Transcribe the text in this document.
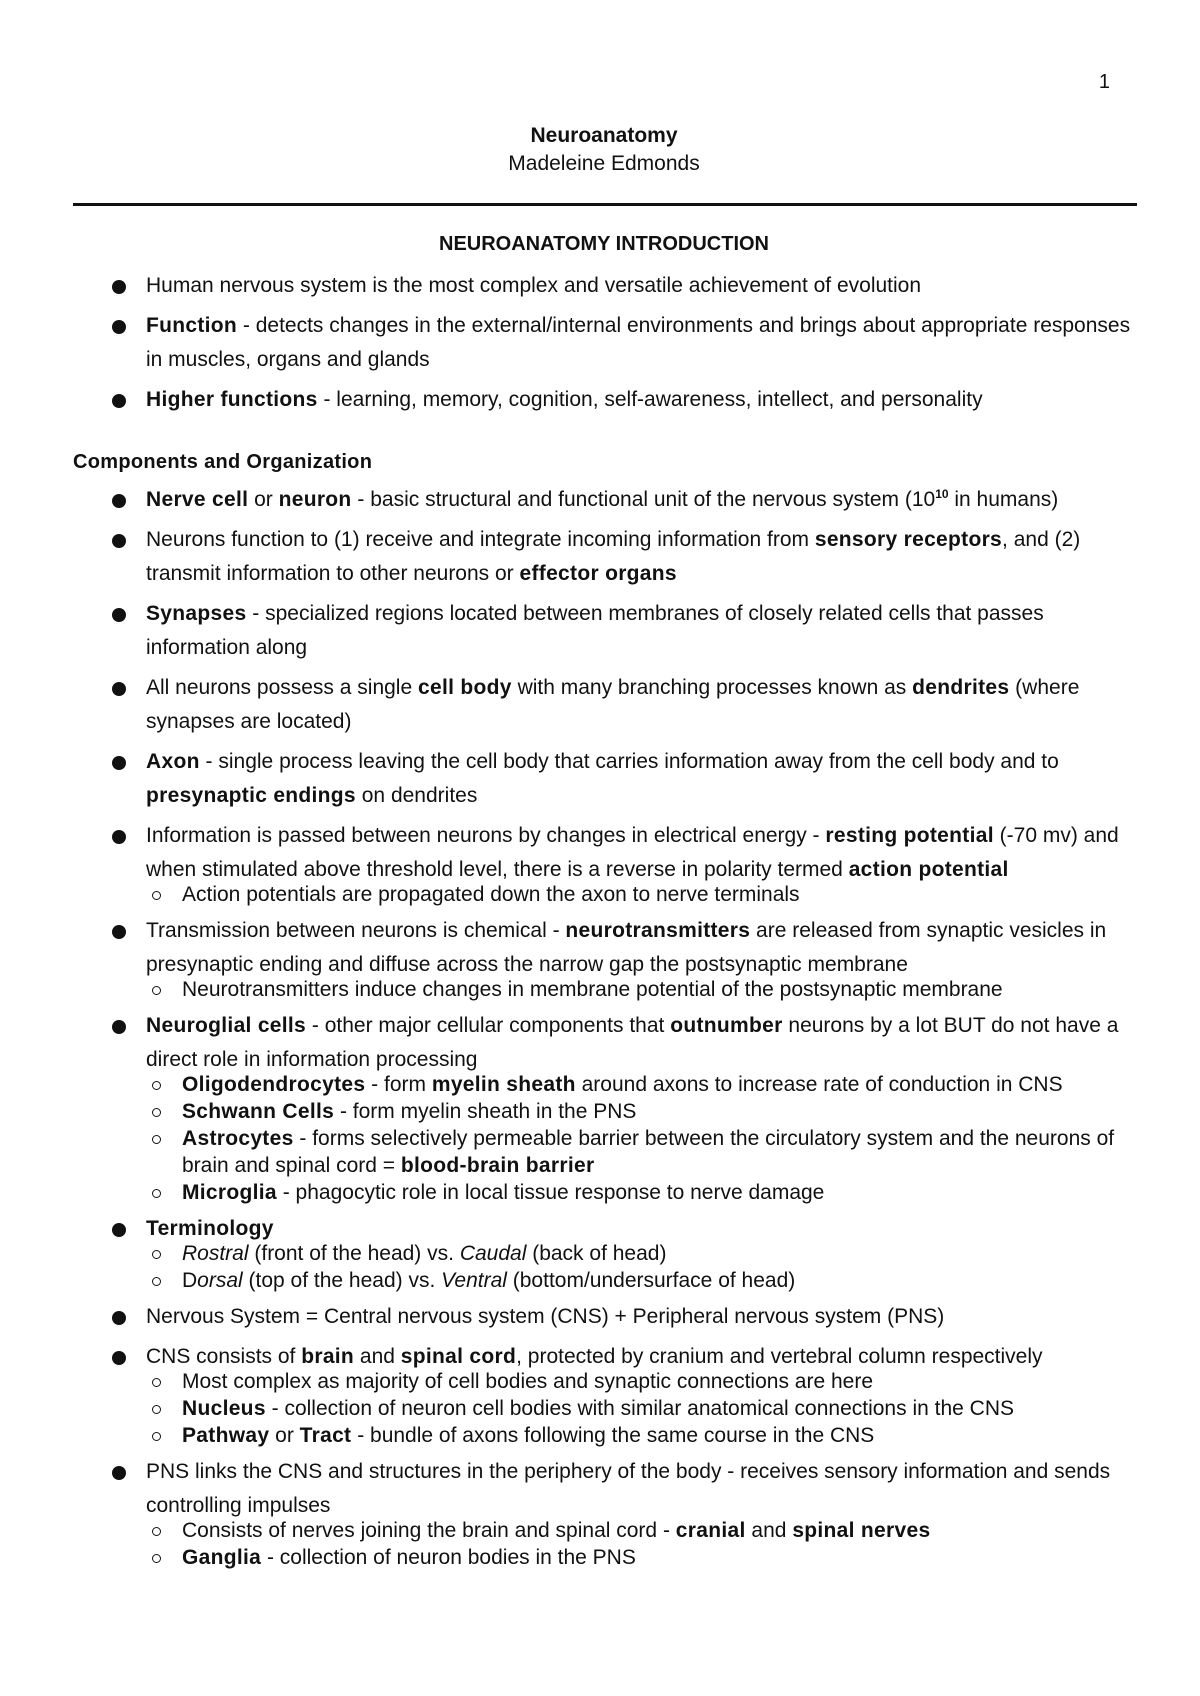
1
Neuroanatomy
Madeleine Edmonds
NEUROANATOMY INTRODUCTION
Human nervous system is the most complex and versatile achievement of evolution
Function - detects changes in the external/internal environments and brings about appropriate responses in muscles, organs and glands
Higher functions - learning, memory, cognition, self-awareness, intellect, and personality
Components and Organization
Nerve cell or neuron - basic structural and functional unit of the nervous system ($10^{10}$ in humans)
Neurons function to (1) receive and integrate incoming information from sensory receptors, and (2) transmit information to other neurons or effector organs
Synapses - specialized regions located between membranes of closely related cells that passes information along
All neurons possess a single cell body with many branching processes known as dendrites (where synapses are located)
Axon - single process leaving the cell body that carries information away from the cell body and to presynaptic endings on dendrites
Information is passed between neurons by changes in electrical energy - resting potential (-70 mv) and when stimulated above threshold level, there is a reverse in polarity termed action potential
Action potentials are propagated down the axon to nerve terminals
Transmission between neurons is chemical - neurotransmitters are released from synaptic vesicles in presynaptic ending and diffuse across the narrow gap the postsynaptic membrane
Neurotransmitters induce changes in membrane potential of the postsynaptic membrane
Neuroglial cells - other major cellular components that outnumber neurons by a lot BUT do not have a direct role in information processing
Oligodendrocytes - form myelin sheath around axons to increase rate of conduction in CNS
Schwann Cells - form myelin sheath in the PNS
Astrocytes - forms selectively permeable barrier between the circulatory system and the neurons of brain and spinal cord = blood-brain barrier
Microglia - phagocytic role in local tissue response to nerve damage
Terminology
Rostral (front of the head) vs. Caudal (back of head)
Dorsal (top of the head) vs. Ventral (bottom/undersurface of head)
Nervous System = Central nervous system (CNS) + Peripheral nervous system (PNS)
CNS consists of brain and spinal cord, protected by cranium and vertebral column respectively
Most complex as majority of cell bodies and synaptic connections are here
Nucleus - collection of neuron cell bodies with similar anatomical connections in the CNS
Pathway or Tract - bundle of axons following the same course in the CNS
PNS links the CNS and structures in the periphery of the body - receives sensory information and sends controlling impulses
Consists of nerves joining the brain and spinal cord - cranial and spinal nerves
Ganglia - collection of neuron bodies in the PNS
